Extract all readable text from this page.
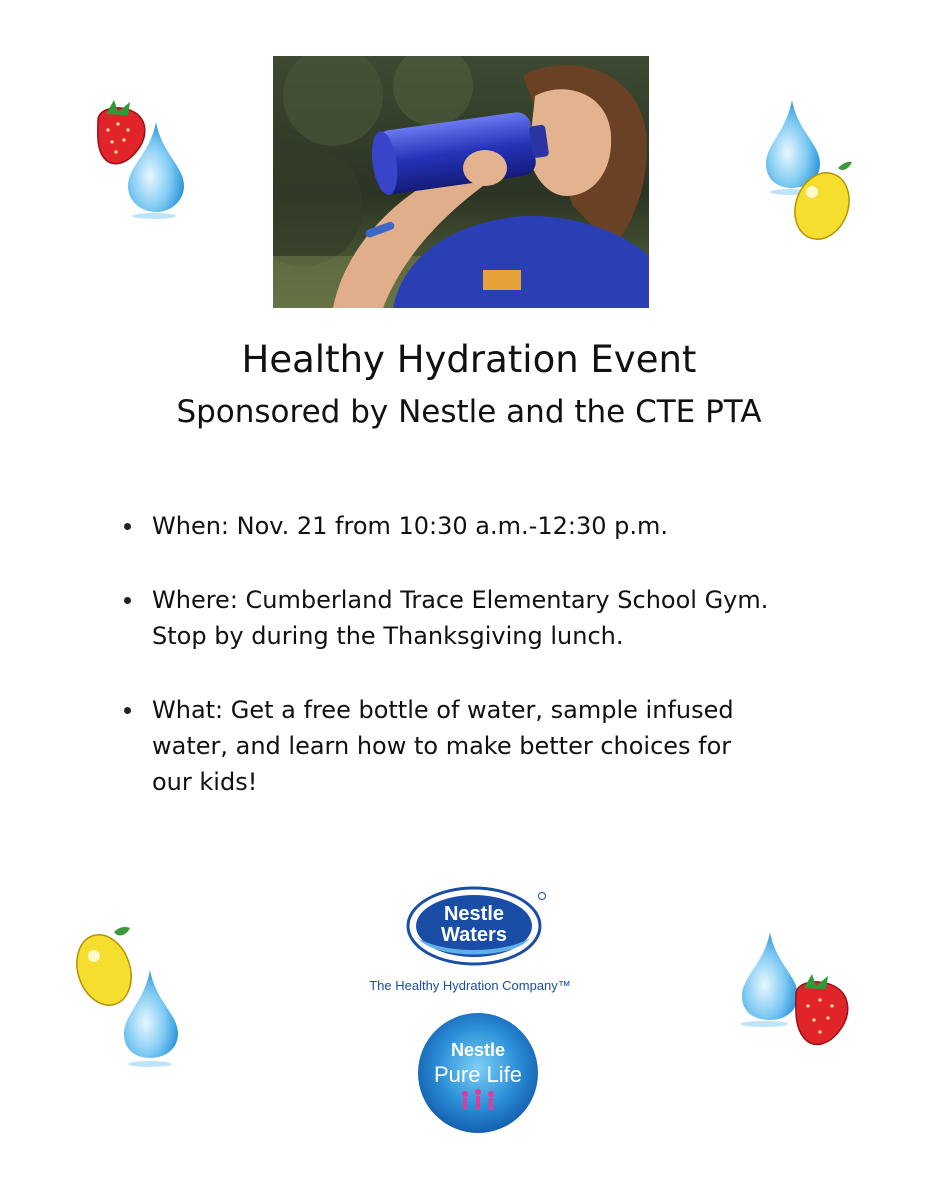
Healthy Hydration Event
Sponsored by Nestle and the CTE PTA

When: Nov. 21 from 10:30 a.m.-12:30 p.m.

Where: Cumberland Trace Elementary School Gym.

Stop by during the Thanksgiving lunch.

What: Get a free bottle of water, sample infused

water, and learn how to make better choices for

our kids!

Nestle
Waters
The Healthy Hydration Company™
Nestle
Pure Life
